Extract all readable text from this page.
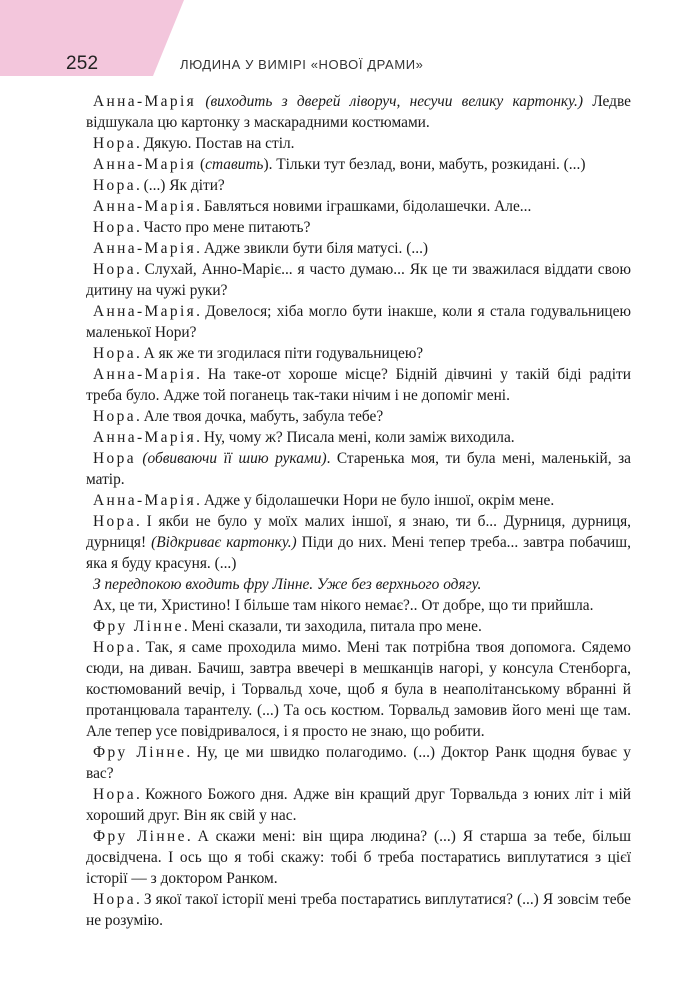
252	ЛЮДИНА У ВИМІРІ «НОВОЇ ДРАМИ»

Анна-Марія (виходить з дверей ліворуч, несучи велику картонку.) Ледве відшукала цю картонку з маскарадними костюмами.

Нора. Дякую. Постав на стіл.

Анна-Марія (ставить). Тільки тут безлад, вони, мабуть, розкидані. (...)

Нора. (...) Як діти?

Анна-Марія. Бавляться новими іграшками, бідолашечки. Але...

Нора. Часто про мене питають?

Анна-Марія. Адже звикли бути біля матусі. (...)

Нора. Слухай, Анно-Маріє... я часто думаю... Як це ти зважилася віддати свою дитину на чужі руки?

Анна-Марія. Довелося; хіба могло бути інакше, коли я стала годувальницею маленької Нори?

Нора. А як же ти згодилася піти годувальницею?

Анна-Марія. На таке-от хороше місце? Бідній дівчині у такій біді радіти треба було. Адже той поганець так-таки нічим і не допоміг мені.

Нора. Але твоя дочка, мабуть, забула тебе?

Анна-Марія. Ну, чому ж? Писала мені, коли заміж виходила.

Нора (обвиваючи її шию руками). Старенька моя, ти була мені, маленькій, за матір.

Анна-Марія. Адже у бідолашечки Нори не було іншої, окрім мене.

Нора. І якби не було у моїх малих іншої, я знаю, ти б... Дурниця, дурниця, дурниця! (Відкриває картонку.) Піди до них. Мені тепер треба... завтра побачиш, яка я буду красуня. (...)

З передпокою входить фру Лінне. Уже без верхнього одягу.

Ах, це ти, Христино! І більше там нікого немає?.. От добре, що ти прийшла.

Фру Лінне. Мені сказали, ти заходила, питала про мене.

Нора. Так, я саме проходила мимо. Мені так потрібна твоя допомога. Сядемо сюди, на диван. Бачиш, завтра ввечері в мешканців нагорі, у консула Стенборга, костюмований вечір, і Торвальд хоче, щоб я була в неаполітанському вбранні й протанцювала тарантелу. (...) Та ось костюм. Торвальд замовив його мені ще там. Але тепер усе повідривалося, і я просто не знаю, що робити.

Фру Лінне. Ну, це ми швидко полагодимо. (...) Доктор Ранк щодня буває у вас?

Нора. Кожного Божого дня. Адже він кращий друг Торвальда з юних літ і мій хороший друг. Він як свій у нас.

Фру Лінне. А скажи мені: він щира людина? (...) Я старша за тебе, більш досвідчена. І ось що я тобі скажу: тобі б треба постаратись виплутатися з цієї історії — з доктором Ранком.

Нора. З якої такої історії мені треба постаратись виплутатися? (...) Я зовсім тебе не розумію.
